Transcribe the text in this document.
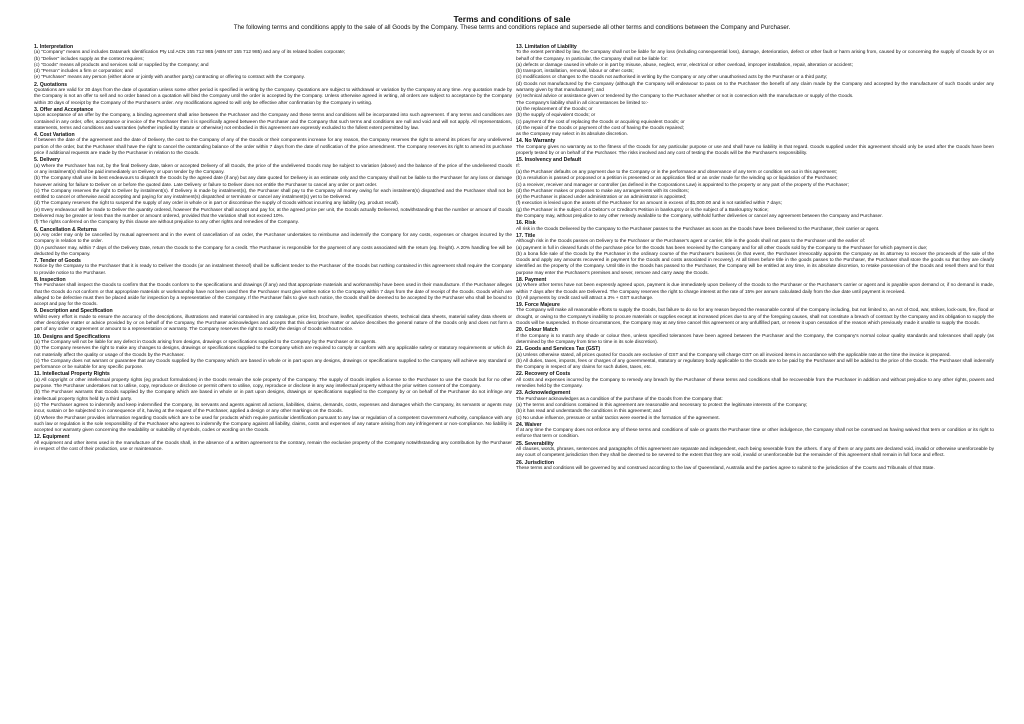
Terms and conditions of sale
The following terms and conditions apply to the sale of all Goods by the Company. These terms and conditions replace and supersede all other terms and conditions between the Company and Purchaser.
1. Interpretation

(a) "Company" means and includes Datamark Identification Pty Ltd ACN 155 712 985 (ABN 87 155 712 985) and any of its related bodies corporate;

(b) "Deliver" includes supply as the context requires;

(c) "Goods" means all products and services sold or supplied by the Company; and

(d) "Person" includes a firm or corporation; and

(e) "Purchaser" means any person (either alone or jointly with another party) contracting or offering to contract with the Company.

2. Quotations

Quotations are valid for 30 days from the date of quotation unless some other period is specified in writing by the Company. Quotations are subject to withdrawal or variation by the Company at any time. Any quotation made by the Company is not an offer to sell and no order based on a quotation will bind the Company until the order is accepted by the Company. Unless otherwise agreed in writing, all orders are subject to acceptance by the Company within 30 days of receipt by the Company of the Purchaser's order. Any modifications agreed to will only be effective after confirmation by the Company in writing.

3. Offer and Acceptance

Upon acceptance of an offer by the Company, a binding agreement shall arise between the Purchaser and the Company and these terms and conditions will be incorporated into such agreement. If any terms and conditions are contained in any order, offer, acceptance or invoice of the Purchaser then it is specifically agreed between the Purchaser and the Company that such terms and conditions are null and void and will not apply. All representations, statements, terms and conditions and warranties (whether implied by statute or otherwise) not embodied in this agreement are expressly excluded to the fullest extent permitted by law.

4. Cost Variation

If between the date of the agreement and the date of Delivery, the cost to the Company of any of the Goods or their components increase for any reason, the Company reserves the right to amend its prices for any undelivered portion of the order, but the Purchaser shall have the right to cancel the outstanding balance of the order within 7 days from the date of notification of the price amendment. The Company reserves its right to amend its purchase price if additional requests are made by the Purchaser in relation to the Goods.

5. Delivery

(a) Where the Purchaser has not, by the final Delivery date, taken or accepted Delivery of all Goods, the price of the undelivered Goods may be subject to variation (above) and the balance of the price of the undelivered Goods or any instalment(s) shall be paid immediately on Delivery or upon tender by the Company.

(b) The Company shall use its best endeavours to dispatch the Goods by the agreed date (if any) but any date quoted for Delivery is an estimate only and the Company shall not be liable to the Purchaser for any loss or damage however arising for failure to Deliver on or before the quoted date. Late Delivery or failure to Deliver does not entitle the Purchaser to cancel any order or part order.

(c) The Company reserves the right to Deliver by instalment(s). If Delivery is made by instalment(s), the Purchaser shall pay to the Company all money owing for each instalment(s) dispatched and the Purchaser shall not be entitled to cancel or otherwise avoid accepting and paying for any instalment(s) dispatched or terminate or cancel any instalment(s) yet to be Delivered.

(d) The Company reserves the right to suspend the supply of any order in whole or in part or discontinue the supply of Goods without incurring any liability (eg. product recall).

(e) Every endeavour will be made to Deliver the quantity ordered, however the Purchaser shall accept and pay for, at the agreed price per unit, the Goods actually Delivered, notwithstanding that the number or amount of Goods Delivered may be greater or less than the number or amount ordered, provided that the variation shall not exceed 10%.

(f) The rights conferred on the Company by this clause are without prejudice to any other rights and remedies of the Company.

6. Cancellation & Returns

(a) Any order may only be cancelled by mutual agreement and in the event of cancellation of an order, the Purchaser undertakes to reimburse and indemnify the Company for any costs, expenses or charges incurred by the Company in relation to the order.

(b) A purchaser may, within 7 days of the Delivery Date, return the Goods to the Company for a credit. The Purchaser is responsible for the payment of any costs associated with the return (eg. freight). A 20% handling fee will be deducted by the Company.

7. Tender of Goods

Notice by the Company to the Purchaser that it is ready to Deliver the Goods (or an instalment thereof) shall be sufficient tender to the Purchaser of the Goods but nothing contained in this agreement shall require the Company to provide notice to the Purchaser.

8. Inspection

The Purchaser shall inspect the Goods to confirm that the Goods conform to the specifications and drawings (if any) and that appropriate materials and workmanship have been used in their manufacture. If the Purchaser alleges that the Goods do not conform or that appropriate materials or workmanship have not been used then the Purchaser must give written notice to the Company within 7 days from the date of receipt of the Goods. Goods which are alleged to be defective must then be placed aside for inspection by a representative of the Company. If the Purchaser fails to give such notice, the Goods shall be deemed to be accepted by the Purchaser who shall be bound to accept and pay for the Goods.

9. Description and Specification

Whilst every effort is made to ensure the accuracy of the descriptions, illustrations and material contained in any catalogue, price list, brochure, leaflet, specification sheets, technical data sheets, material safety data sheets or other descriptive matter or advice provided by or on behalf of the Company, the Purchaser acknowledges and accepts that this descriptive matter or advice describes the general nature of the Goods only and does not form a part of any order or agreement or amount to a representation or warranty. The Company reserves the right to modify the design of Goods without notice.

10. Designs and Specifications

(a) The Company will not be liable for any defect in Goods arising from designs, drawings or specifications supplied to the Company by the Purchaser or its agents.

(b) The Company reserves the right to make any changes to designs, drawings or specifications supplied to the Company which are required to comply or conform with any applicable safety or statutory requirements or which do not materially affect the quality or usage of the Goods by the Purchaser.

(c) The Company does not warrant or guarantee that any Goods supplied by the Company which are based in whole or in part upon any designs, drawings or specifications supplied to the Company will achieve any standard or performance or be suitable for any specific purpose.

11. Intellectual Property Rights

(a) All copyright or other intellectual property rights (eg product formulations) in the Goods remain the sole property of the Company. The supply of Goods implies a license to the Purchaser to use the Goods but for no other purpose. The Purchaser undertakes not to utilise, copy, reproduce or disclose or permit others to utilise, copy, reproduce or disclose in any way intellectual property without the prior written consent of the Company.

(b) The Purchaser warrants that Goods supplied by the Company which are based in whole or in part upon designs, drawings or specifications supplied to the Company by or on behalf of the Purchaser do not infringe any intellectual property rights held by a third party.

(c) The Purchaser agrees to indemnify and keep indemnified the Company, its servants and agents against all actions, liabilities, claims, demands, costs, expenses and damages which the Company, its servants or agents may incur, sustain or be subjected to in consequence of it, having at the request of the Purchaser, applied a design or any other markings on the Goods.

(d) Where the Purchaser provides information regarding Goods which are to be used for products which require particular identification pursuant to any law or regulation of a competent Government Authority, compliance with any such law or regulation is the sole responsibility of the Purchaser who agrees to indemnify the Company against all liability, claims, costs and expenses of any nature arising from any infringement or non-compliance. No liability is accepted nor warranty given concerning the readability or suitability of symbols, codes or wording on the Goods.

12. Equipment

All equipment and other items used in the manufacture of the Goods shall, in the absence of a written agreement to the contrary, remain the exclusive property of the Company notwithstanding any contribution by the Purchaser in respect of the cost of their production, use or maintenance.

13. Limitation of Liability

To the extent permitted by law, the Company shall not be liable for any loss (including consequential loss), damage, deterioration, defect or other fault or harm arising from, caused by or concerning the supply of Goods by or on behalf of the Company. In particular, the Company shall not be liable for:

(a) defects or damage caused in whole or in part by misuse, abuse, neglect, error, electrical or other overload, improper installation, repair, alteration or accident;

(b) transport, installation, removal, labour or other costs;

(c) modifications or changes to the Goods not authorised in writing by the Company or any other unauthorised acts by the Purchaser or a third party;

(d) Goods not manufactured by the Company (although the Company will endeavour to pass on to the Purchaser the benefit of any claim made by the Company and accepted by the manufacturer of such Goods under any warranty given by that manufacturer); and

(e) technical advice or assistance given or tendered by the Company to the Purchaser whether or not in connection with the manufacture or supply of the Goods.

The Company's liability shall in all circumstances be limited to:-

(a) the replacement of the Goods; or

(b) the supply of equivalent Goods; or

(c) payment of the cost of replacing the Goods or acquiring equivalent Goods; or

(d) the repair of the Goods or payment of the cost of having the Goods repaired;

as the Company may select in its absolute discretion.

14. No Warranty

The Company gives no warranty as to the fitness of the Goods for any particular purpose or use and shall have no liability in that regard. Goods supplied under this agreement should only be used after the Goods have been properly tested by or on behalf of the Purchaser. The risks involved and any cost of testing the Goods will be the Purchaser's responsibility.

15. Insolvency and Default

If:

(a) the Purchaser defaults on any payment due to the Company or in the performance and observance of any term or condition set out in this agreement;

(b) a resolution is passed or proposed or a petition is presented or an application filed or an order made for the winding up or liquidation of the Purchaser;

(c) a receiver, receiver and manager or controller (as defined in the Corporations Law) is appointed to the property or any part of the property of the Purchaser;

(d) the Purchaser makes or proposes to make any arrangements with its creditors;

(e) the Purchaser is placed under administration or an administrator is appointed;

(f) execution is levied upon the assets of the Purchaser for an amount in excess of $1,000.00 and is not satisfied within 7 days;

(g) the Purchaser is the subject of a Debtor's or Creditor's Petition in bankruptcy or is the subject of a Bankruptcy Notice;

the Company may, without prejudice to any other remedy available to the Company, withhold further deliveries or cancel any agreement between the Company and Purchaser.

16. Risk

All risk in the Goods Delivered by the Company to the Purchaser passes to the Purchaser as soon as the Goods have been Delivered to the Purchaser, their carrier or agent.

17. Title

Although risk in the Goods passes on Delivery to the Purchaser or the Purchaser's agent or carrier, title in the goods shall not pass to the Purchaser until the earlier of:

(a) payment in full in cleared funds of the purchase price for the Goods has been received by the Company and for all other Goods sold by the Company to the Purchaser for which payment is due;

(b) a bona fide sale of the Goods by the Purchaser in the ordinary course of the Purchaser's business (in that event, the Purchaser irrevocably appoints the Company as its attorney to recover the proceeds of the sale of the Goods and apply any amounts recovered in payment for the Goods and costs associated in recovery). At all times before title in the goods passes to the Purchaser, the Purchaser shall store the goods so that they are clearly identified as the property of the Company. Until title in the Goods has passed to the Purchaser, the Company will be entitled at any time, in its absolute discretion, to retake possession of the Goods and resell them and for that purpose may enter the Purchaser's premises and sever, remove and carry away the Goods.

18. Payment

(a) Where other terms have not been expressly agreed upon, payment is due immediately upon Delivery of the Goods to the Purchaser or the Purchaser's carrier or agent and is payable upon demand or, if no demand is made, within 7 days after the Goods are Delivered. The Company reserves the right to charge interest at the rate of 15% per annum calculated daily from the due date until payment is received.

(b) All payments by credit card will attract a 3% + GST surcharge.

19. Force Majeure

The Company will make all reasonable efforts to supply the Goods, but failure to do so for any reason beyond the reasonable control of the Company including, but not limited to, an Act of God, war, strikes, lock-outs, fire, flood or drought, or owing to the Company's inability to procure materials or supplies except at increased prices due to any of the foregoing causes, shall not constitute a breach of contract by the Company and its obligation to supply the Goods will be suspended. In those circumstances, the Company may at any time cancel this agreement or any unfulfilled part, or renew it upon cessation of the reason which previously made it unable to supply the Goods.

20. Colour Match

If the Company is to match any shade or colour then, unless specified tolerances have been agreed between the Purchaser and the Company, the Company's normal colour quality standards and tolerances shall apply (as determined by the Company from time to time in its sole discretion).

21. Goods and Services Tax (GST)

(a) Unless otherwise stated, all prices quoted for Goods are exclusive of GST and the Company will charge GST on all invoiced items in accordance with the applicable rate at the time the invoice is prepared.

(b) All duties, taxes, imposts, fees or charges of any governmental, statutory or regulatory body applicable to the Goods are to be paid by the Purchaser and will be added to the price of the Goods. The Purchaser shall indemnify the Company in respect of any claims for such duties, taxes, etc.

22. Recovery of Costs

All costs and expenses incurred by the Company to remedy any breach by the Purchaser of these terms and conditions shall be recoverable from the Purchaser in addition and without prejudice to any other rights, powers and remedies held by the Company.

23. Acknowledgement

The Purchaser acknowledges as a condition of the purchase of the Goods from the Company that:

(a) The terms and conditions contained in this agreement are reasonable and necessary to protect the legitimate interests of the Company;

(b) it has read and understands the conditions in this agreement; and

(c) No undue influence, pressure or unfair tactics were exerted in the formation of the agreement.

24. Waiver

If at any time the Company does not enforce any of these terms and conditions of sale or grants the Purchaser time or other indulgence, the Company shall not be construed as having waived that term or condition or its right to enforce that term or condition.

25. Severability

All clauses, words, phrases, sentences and paragraphs of this agreement are separate and independent, each being severable from the others. If any of them or any parts are declared void, invalid or otherwise unenforceable by any court of competent jurisdiction then they shall be deemed to be severed to the extent that they are void, invalid or unenforceable but the remainder of this agreement shall remain in full force and effect.

26. Jurisdiction

These terms and conditions will be governed by and construed according to the law of Queensland, Australia and the parties agree to submit to the jurisdiction of the Courts and Tribunals of that State.
